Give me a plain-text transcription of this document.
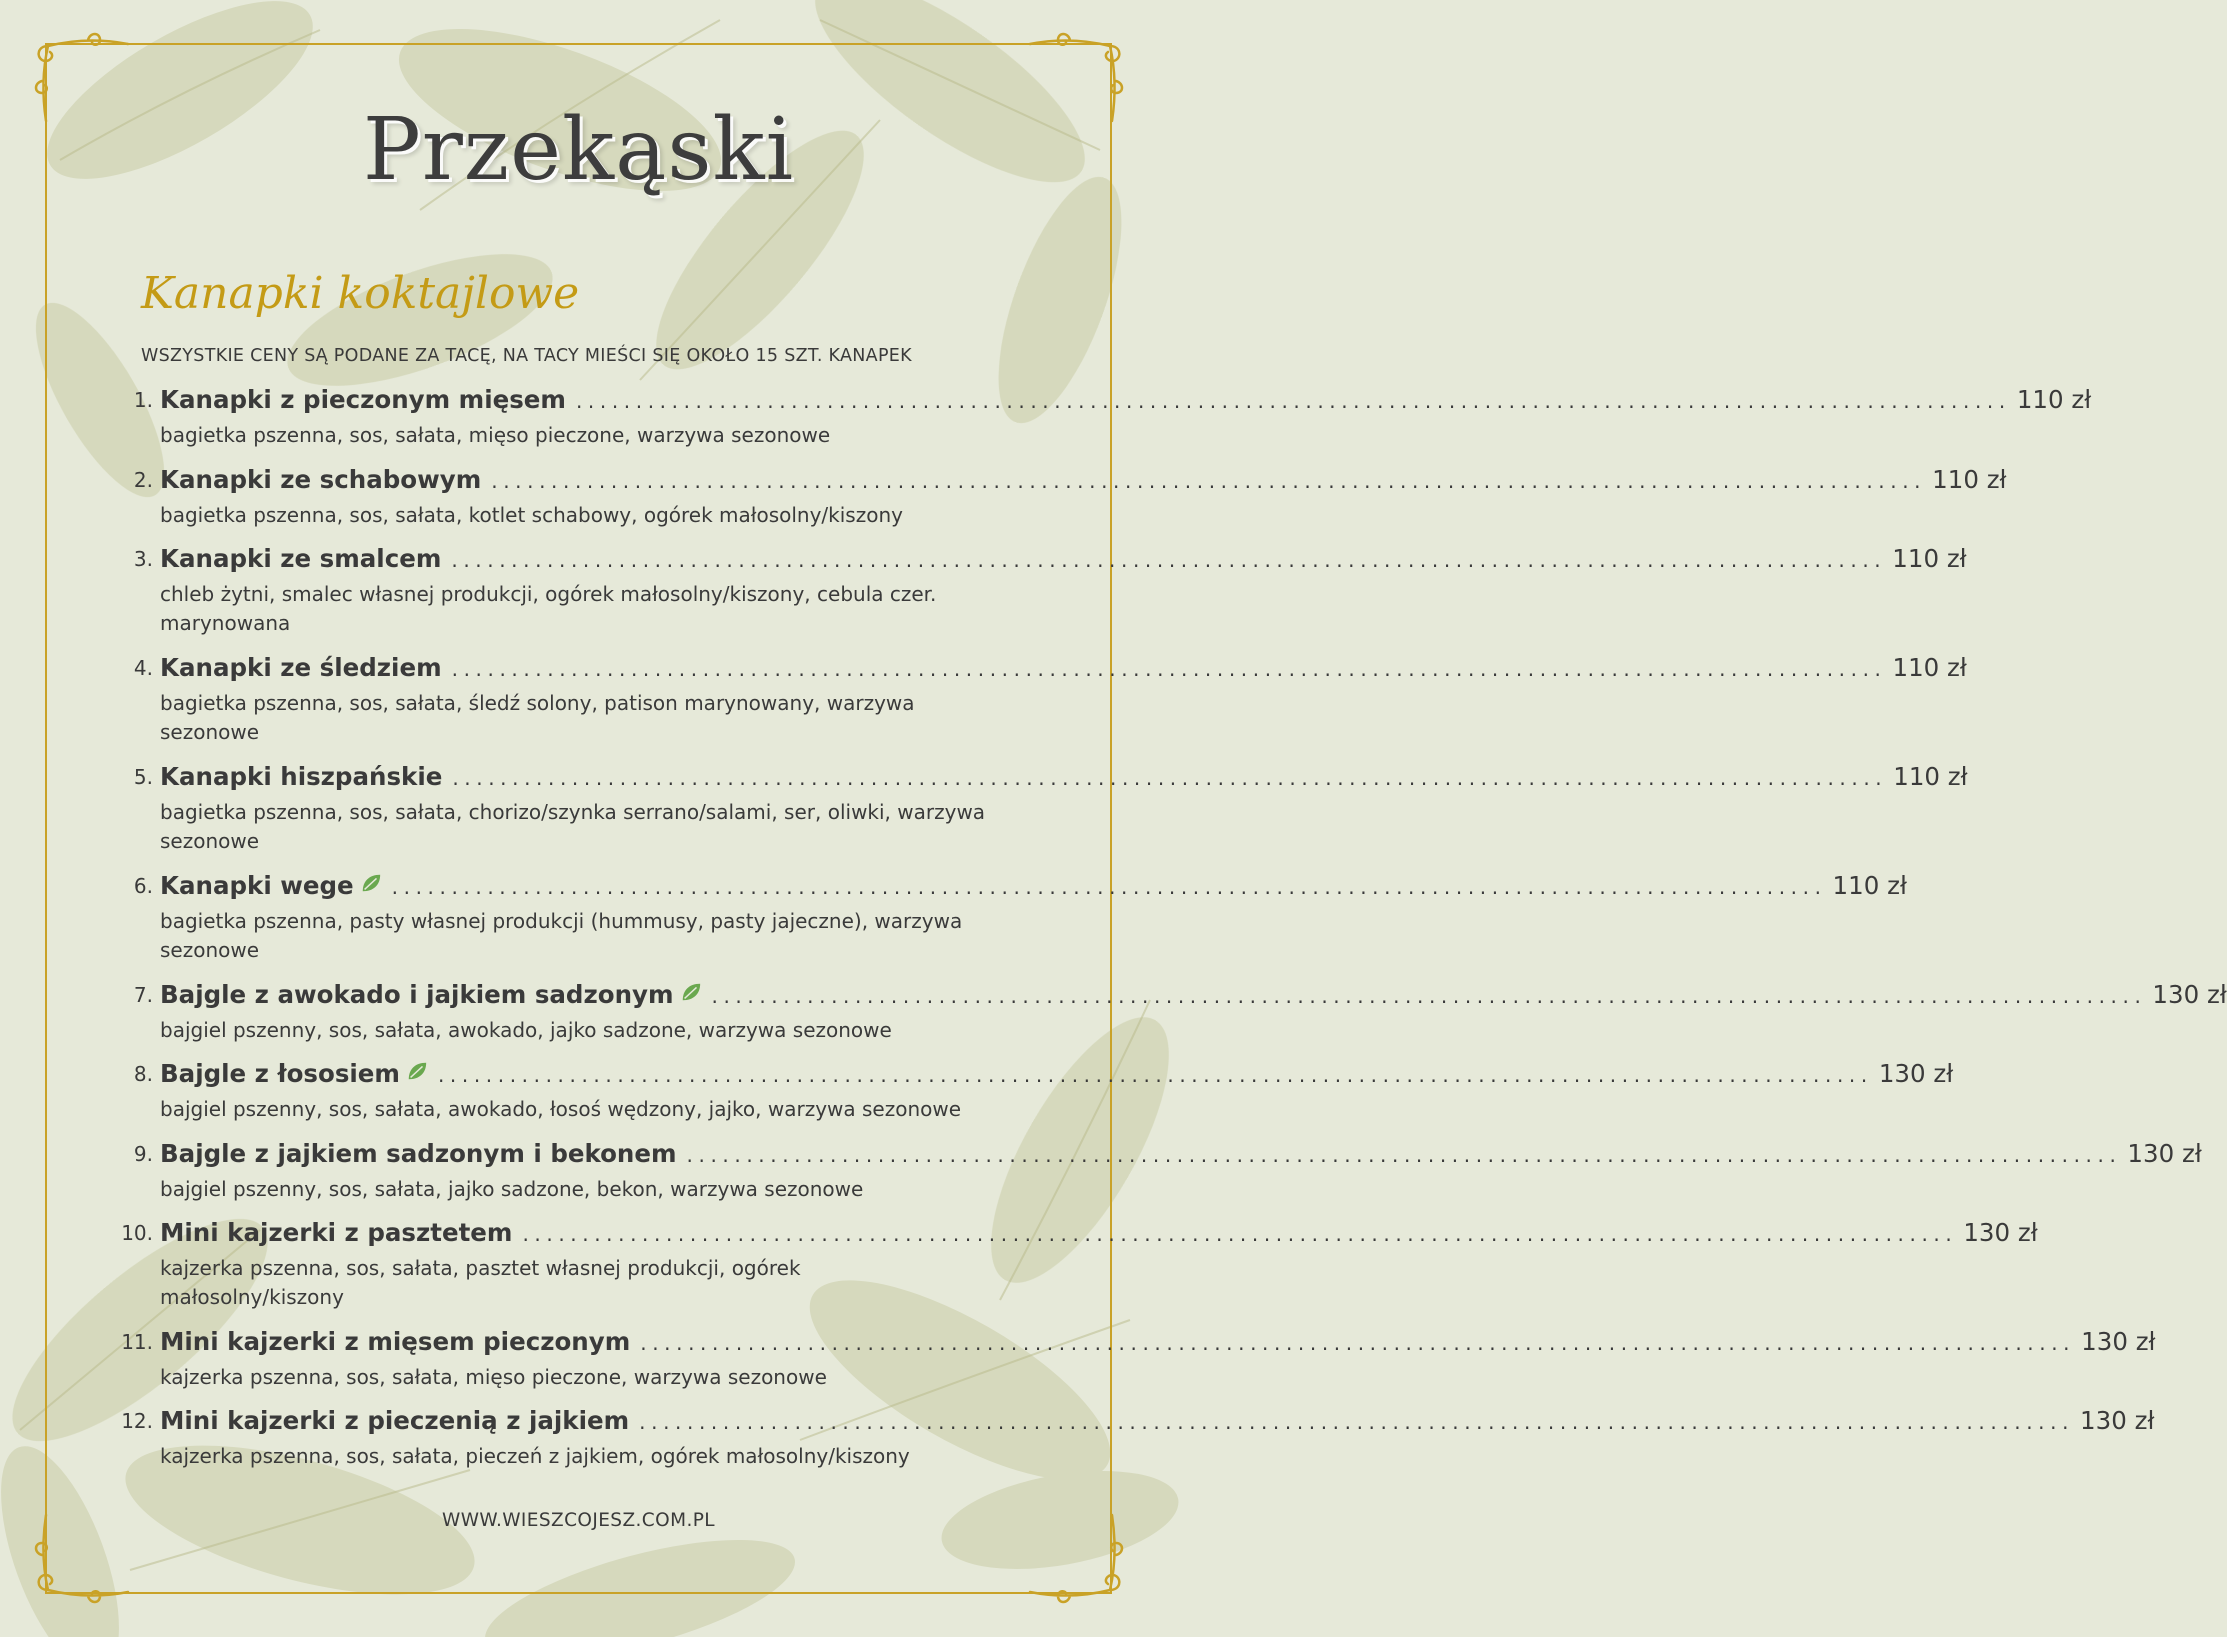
Przekąski
Kanapki koktajlowe
WSZYSTKIE CENY SĄ PODANE ZA TACĘ, NA TACY MIEŚCI SIĘ OKOŁO 15 SZT. KANAPEK
1. Kanapki z pieczonym mięsem ........................................................................................................................ 110 zł
bagietka pszenna, sos, sałata, mięso pieczone, warzywa sezonowe
2. Kanapki ze schabowym ........................................................................................................................ 110 zł
bagietka pszenna, sos, sałata, kotlet schabowy, ogórek małosolny/kiszony
3. Kanapki ze smalcem ........................................................................................................................ 110 zł
chleb żytni, smalec własnej produkcji, ogórek małosolny/kiszony, cebula czer. marynowana
4. Kanapki ze śledziem ........................................................................................................................ 110 zł
bagietka pszenna, sos, sałata, śledź solony, patison marynowany, warzywa sezonowe
5. Kanapki hiszpańskie ........................................................................................................................ 110 zł
bagietka pszenna, sos, sałata, chorizo/szynka serrano/salami, ser, oliwki, warzywa sezonowe
6. Kanapki wege ........................................................................................................................ 110 zł
bagietka pszenna, pasty własnej produkcji (hummusy, pasty jajeczne), warzywa sezonowe
7. Bajgle z awokado i jajkiem sadzonym ........................................................................................................................ 130 zł
bajgiel pszenny, sos, sałata, awokado, jajko sadzone, warzywa sezonowe
8. Bajgle z łososiem ........................................................................................................................ 130 zł
bajgiel pszenny, sos, sałata, awokado, łosoś wędzony, jajko, warzywa sezonowe
9. Bajgle z jajkiem sadzonym i bekonem ........................................................................................................................ 130 zł
bajgiel pszenny, sos, sałata, jajko sadzone, bekon, warzywa sezonowe
10. Mini kajzerki z pasztetem ........................................................................................................................ 130 zł
kajzerka pszenna, sos, sałata, pasztet własnej produkcji, ogórek małosolny/kiszony
11. Mini kajzerki z mięsem pieczonym ........................................................................................................................ 130 zł
kajzerka pszenna, sos, sałata, mięso pieczone, warzywa sezonowe
12. Mini kajzerki z pieczenią z jajkiem ........................................................................................................................ 130 zł
kajzerka pszenna, sos, sałata, pieczeń z jajkiem, ogórek małosolny/kiszony
WWW.WIESZCOJESZ.COM.PL
